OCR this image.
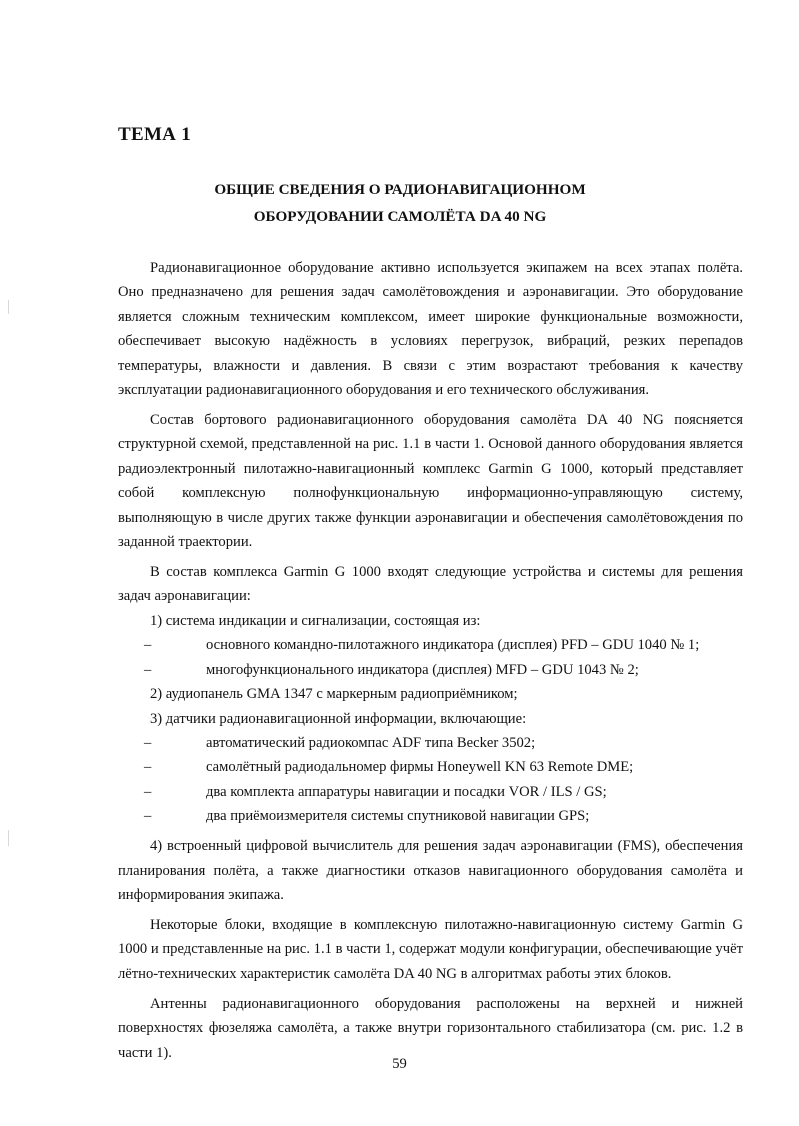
ТЕМА 1
ОБЩИЕ СВЕДЕНИЯ О РАДИОНАВИГАЦИОННОМ
ОБОРУДОВАНИИ САМОЛЁТА DA 40 NG

Радионавигационное оборудование активно используется экипажем на всех этапах полёта. Оно предназначено для решения задач самолётовождения и аэронавигации. Это оборудование является сложным техническим комплексом, имеет широкие функциональные возможности, обеспечивает высокую надёжность в условиях перегрузок, вибраций, резких перепадов температуры, влажности и давления. В связи с этим возрастают требования к качеству эксплуатации радионавигационного оборудования и его технического обслуживания.

Состав бортового радионавигационного оборудования самолёта DA 40 NG поясняется структурной схемой, представленной на рис. 1.1 в части 1. Основой данного оборудования является радиоэлектронный пилотажно-навигационный комплекс Garmin G 1000, который представляет собой комплексную полнофункциональную информационно-управляющую систему, выполняющую в числе других также функции аэронавигации и обеспечения самолётовождения по заданной траектории.

В состав комплекса Garmin G 1000 входят следующие устройства и системы для решения задач аэронавигации:

1) система индикации и сигнализации, состоящая из:
–	основного командно-пилотажного индикатора (дисплея) PFD – GDU 1040 № 1;
–	многофункционального индикатора (дисплея) MFD – GDU 1043 № 2;
2) аудиопанель GMA 1347 с маркерным радиоприёмником;
3) датчики радионавигационной информации, включающие:
–	автоматический радиокомпас ADF типа Becker 3502;
–	самолётный радиодальномер фирмы Honeywell KN 63 Remote DME;
–	два комплекта аппаратуры навигации и посадки VOR / ILS / GS;
–	два приёмоизмерителя системы спутниковой навигации GPS;

4) встроенный цифровой вычислитель для решения задач аэронавигации (FMS), обеспечения планирования полёта, а также диагностики отказов навигационного оборудования самолёта и информирования экипажа.

Некоторые блоки, входящие в комплексную пилотажно-навигационную систему Garmin G 1000 и представленные на рис. 1.1 в части 1, содержат модули конфигурации, обеспечивающие учёт лётно-технических характеристик самолёта DA 40 NG в алгоритмах работы этих блоков.

Антенны радионавигационного оборудования расположены на верхней и нижней поверхностях фюзеляжа самолёта, а также внутри горизонтального стабилизатора (см. рис. 1.2 в части 1).

59
